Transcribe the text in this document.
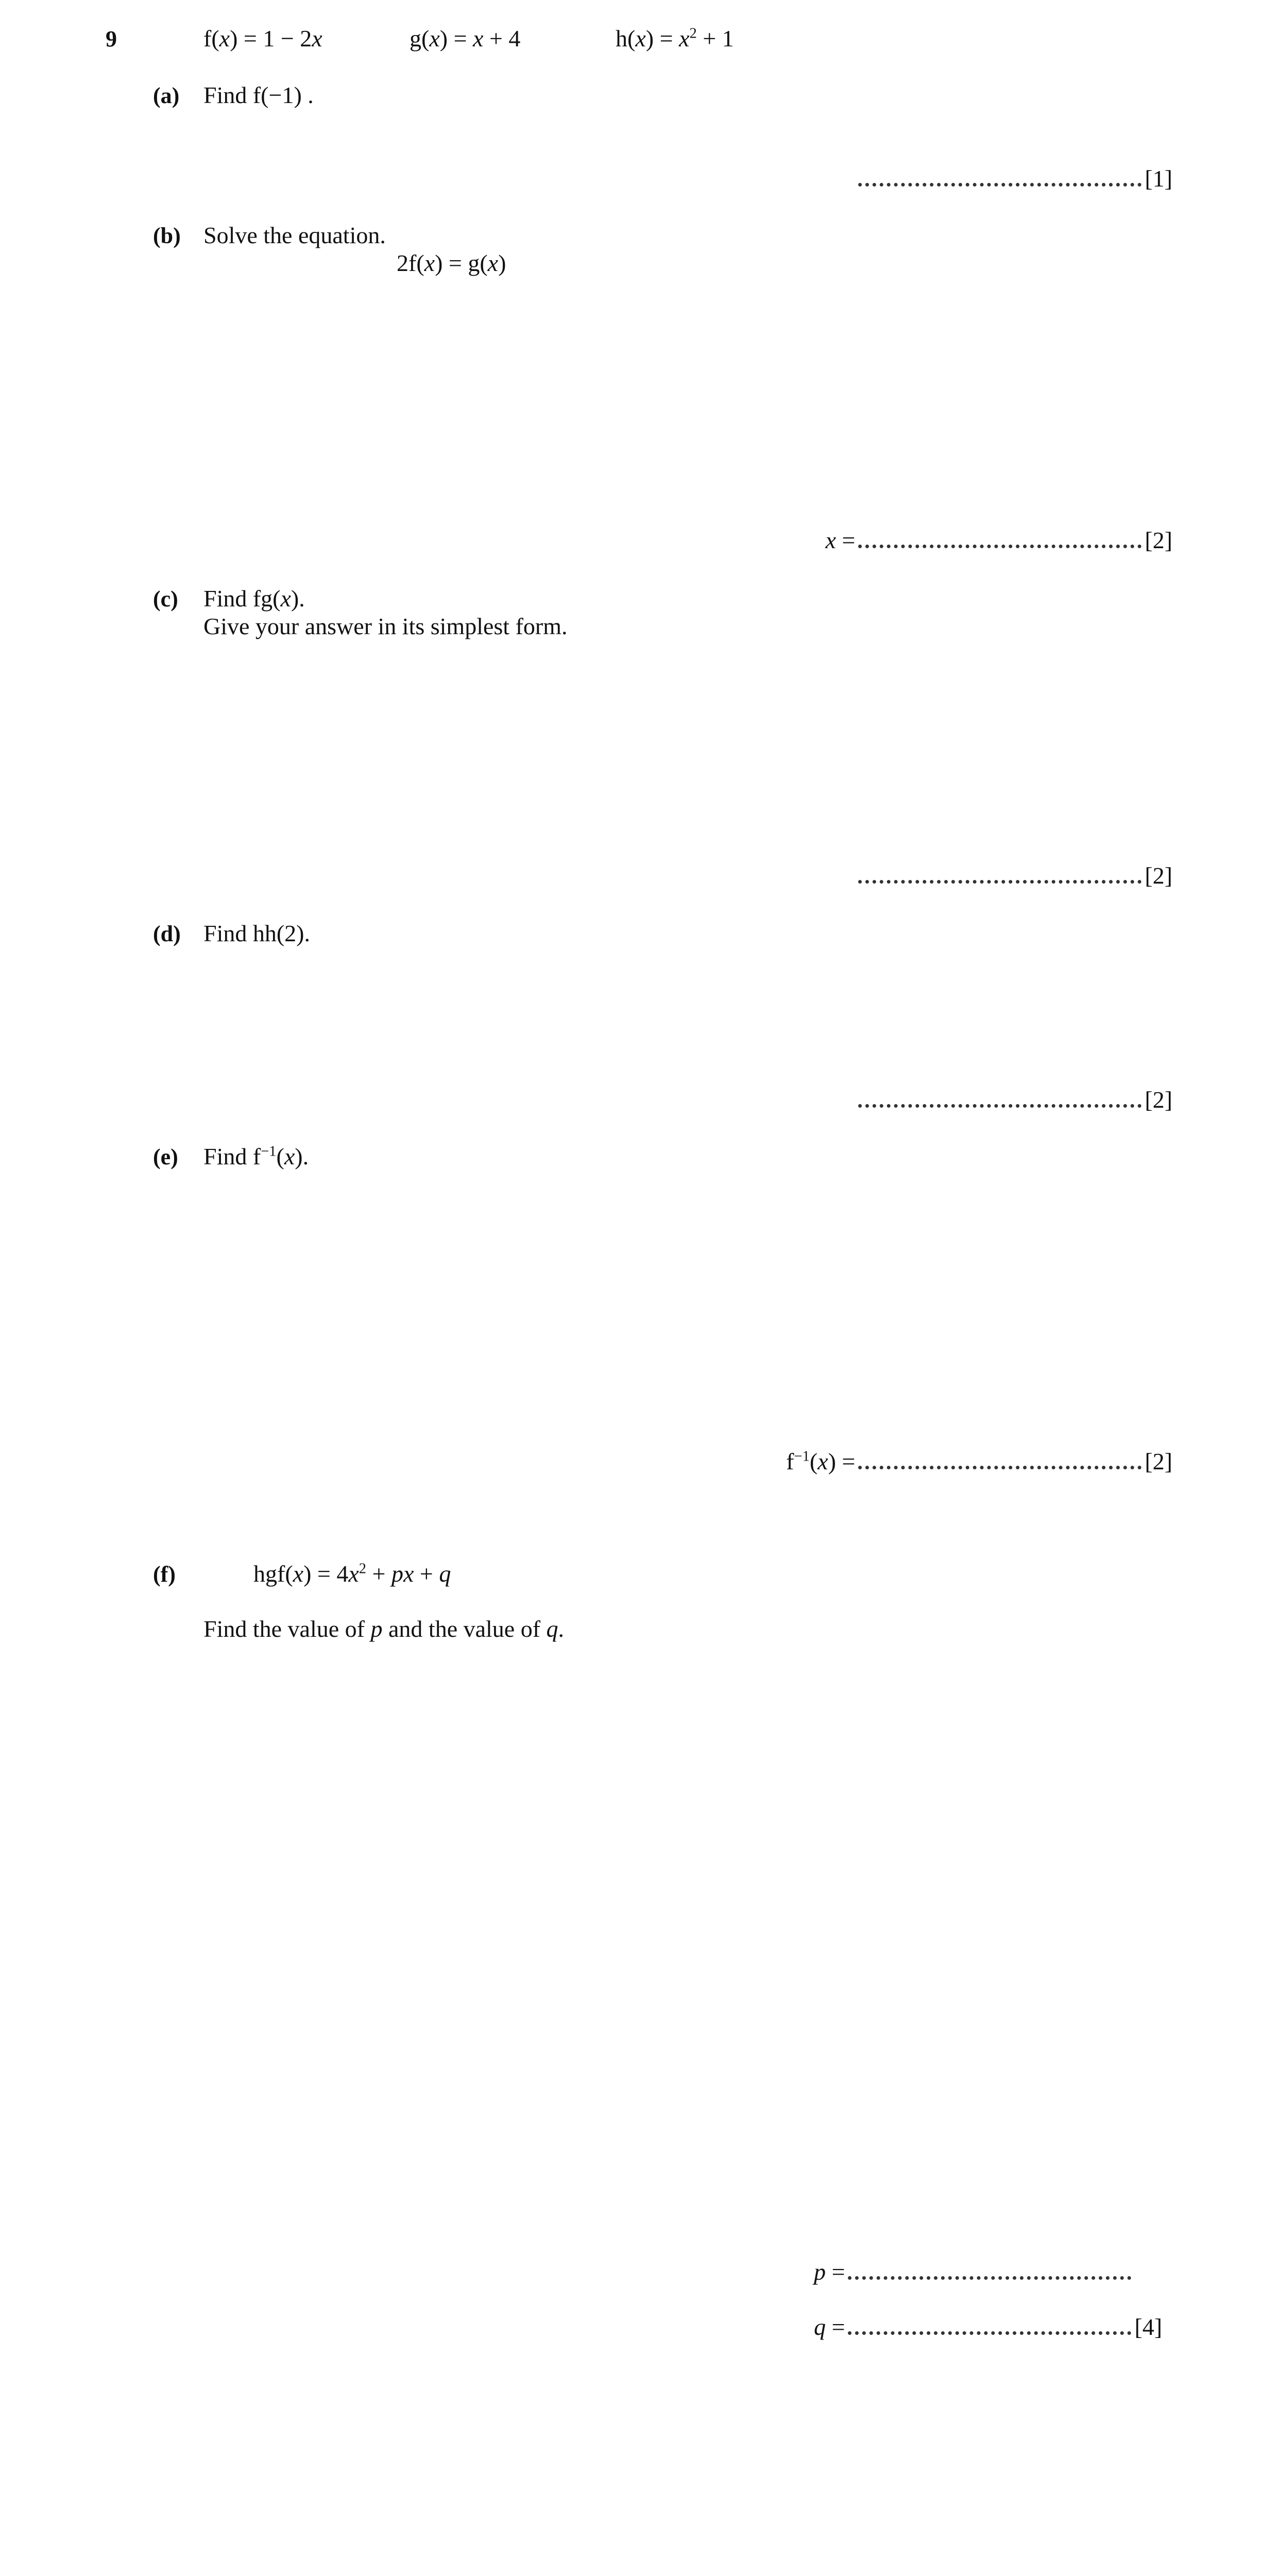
9	f(x) = 1 − 2x	g(x) = x + 4	$h(x) = x^2 + 1$
(a) Find f(−1) .
[1]
(b) Solve the equation.
2f(x) = g(x)
x =	[2]
(c) Find fg(x).
Give your answer in its simplest form.
[2]
(d) Find hh(2).
[2]
(e) Find $f^{-1}(x)$.
$f^{-1}(x)$ =	[2]
(f)	$hgf(x) = 4x^2$ + px + q
Find the value of p and the value of q.
p =
q =	[4]
